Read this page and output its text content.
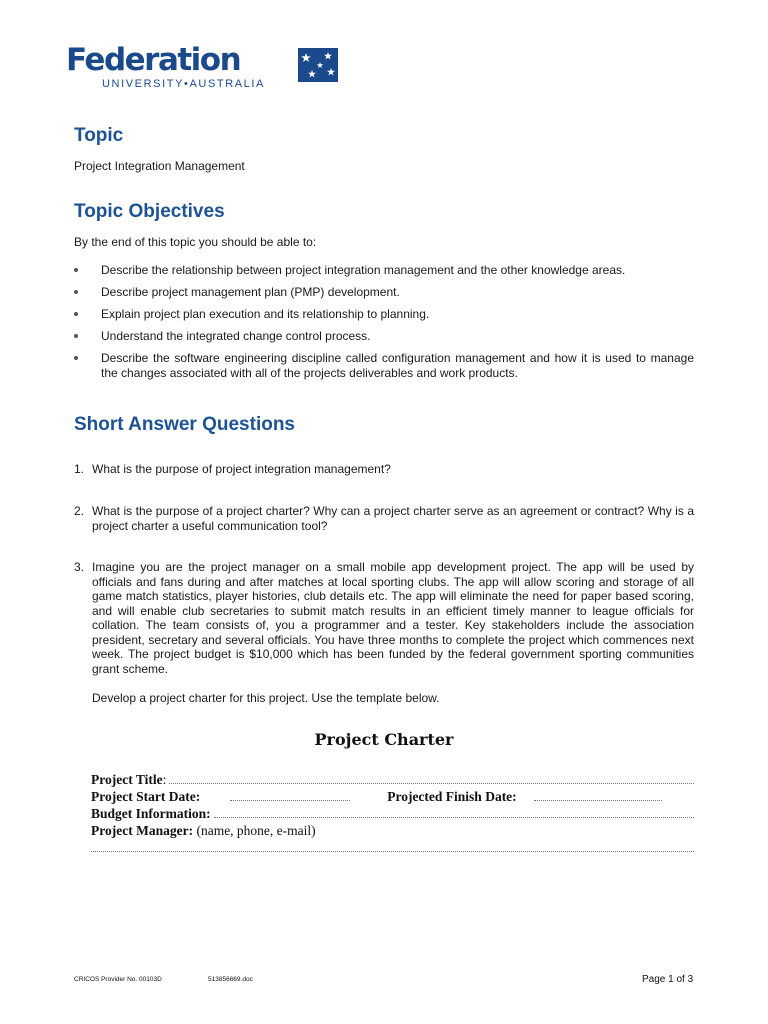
Federation
UNIVERSITY•AUSTRALIA
Topic
Project Integration Management
Topic Objectives
By the end of this topic you should be able to:
Describe the relationship between project integration management and the other knowledge areas.
Describe project management plan (PMP) development.
Explain project plan execution and its relationship to planning.
Understand the integrated change control process.
Describe the software engineering discipline called configuration management and how it is used to manage the changes associated with all of the projects deliverables and work products.
Short Answer Questions
1. What is the purpose of project integration management?
2. What is the purpose of a project charter? Why can a project charter serve as an agreement or contract? Why is a project charter a useful communication tool?
3. Imagine you are the project manager on a small mobile app development project. The app will be used by officials and fans during and after matches at local sporting clubs. The app will allow scoring and storage of all game match statistics, player histories, club details etc. The app will eliminate the need for paper based scoring, and will enable club secretaries to submit match results in an efficient timely manner to league officials for collation. The team consists of, you a programmer and a tester. Key stakeholders include the association president, secretary and several officials. You have three months to complete the project which commences next week. The project budget is $10,000 which has been funded by the federal government sporting communities grant scheme.

Develop a project charter for this project. Use the template below.

Project Charter
Project Title :
Project Start Date:	Projected Finish Date:
Budget Information:
Project Manager:
(name, phone, e-mail)
CRICOS Provider No. 00103D	513856669.doc	Page 1 of 3
